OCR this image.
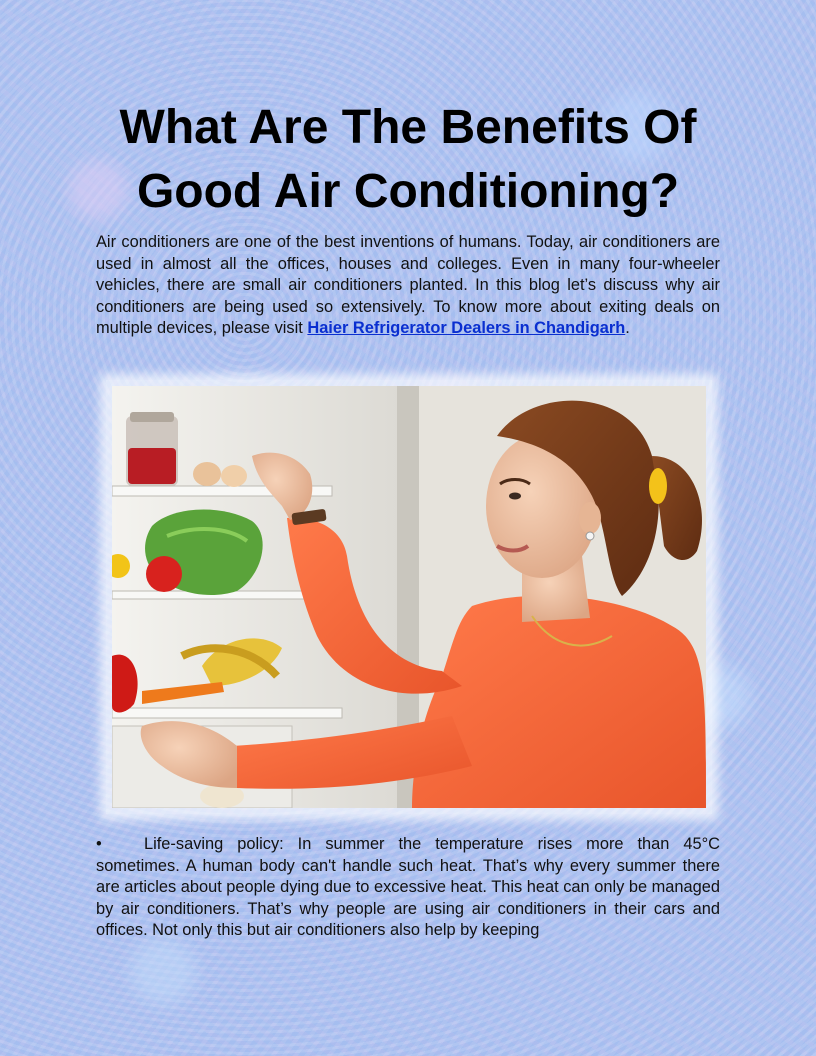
What Are The Benefits Of Good Air Conditioning?

Air conditioners are one of the best inventions of humans. Today, air conditioners are used in almost all the offices, houses and colleges. Even in many four-wheeler vehicles, there are small air conditioners planted. In this blog let’s discuss why air conditioners are being used so extensively. To know more about exiting deals on multiple devices, please visit Haier Refrigerator Dealers in Chandigarh.

•	Life-saving policy: In summer the temperature rises more than 45°C sometimes. A human body can't handle such heat. That’s why every summer there are articles about people dying due to excessive heat. This heat can only be managed by air conditioners. That’s why people are using air conditioners in their cars and offices. Not only this but air conditioners also help by keeping
